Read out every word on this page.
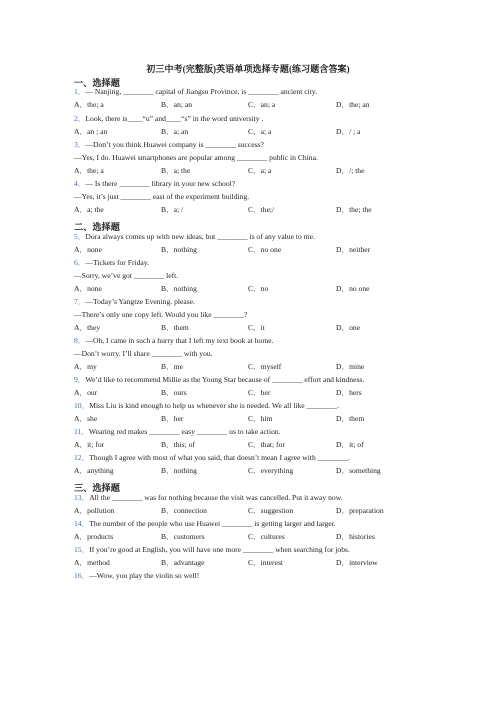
初三中考(完整版)英语单项选择专题(练习题含答案)
一、选择题
1．— Nanjing, ________ capital of Jiangsu Province, is ________ ancient city.
A．the; a	B．an; an	C．an; a	D．the; an
2．Look, there is____“u” and____“s” in the word university .
A．an ; an	B．a; an	C．a; a	D．/ ; a
3．—Don’t you think Huawei company is ________ success?
—Yes, I do. Huawei smartphones are popular among ________ public in China.
A．the; a	B．a; the	C．a; a	D．/; the
4．— Is there ________ library in your new school?
—Yes, it’s just ________ east of the experiment building.
A．a; the	B．a; /	C．the;/	D．the; the
二、选择题
5．Dora always comes up with new ideas, but ________ is of any value to me.
A．none	B．nothing	C．no one	D．neither
6．—Tickets for Friday.
—Sorry, we’ve got ________ left.
A．none	B．nothing	C．no	D．no one
7．—Today’s Yangtze Evening. please.
—There’s only one copy left. Would you like ________?
A．they	B．them	C．it	D．one
8．—Oh, I came in such a hurry that I left my text book at home.
—Don’t worry. I’ll share ________ with you.
A．my	B．me	C．myself	D．mine
9．We’d like to recommend Millie as the Young Star because of ________ effort and kindness.
A．our	B．ours	C．her	D．hers
10．Miss Liu is kind enough to help us whenever she is needed. We all like ________.
A．she	B．her	C．him	D．them
11．Wearing red makes ________ easy ________ us to take action.
A．it; for	B．this; of	C．that; for	D．it; of
12．Though I agree with most of what you said, that doesn’t mean I agree with ________.
A．anything	B．nothing	C．everything	D．something
三、选择题
13．All the ________ was for nothing because the visit was cancelled. Put it away now.
A．pollution	B．connection	C．suggestion	D．preparation
14．The number of the people who use Huawei ________ is getting larger and larger.
A．products	B．customers	C．cultures	D．histories
15．If you’re good at English, you will have one more ________ when searching for jobs.
A．method	B．advantage	C．interest	D．interview
16．—Wow, you play the violin so well!
